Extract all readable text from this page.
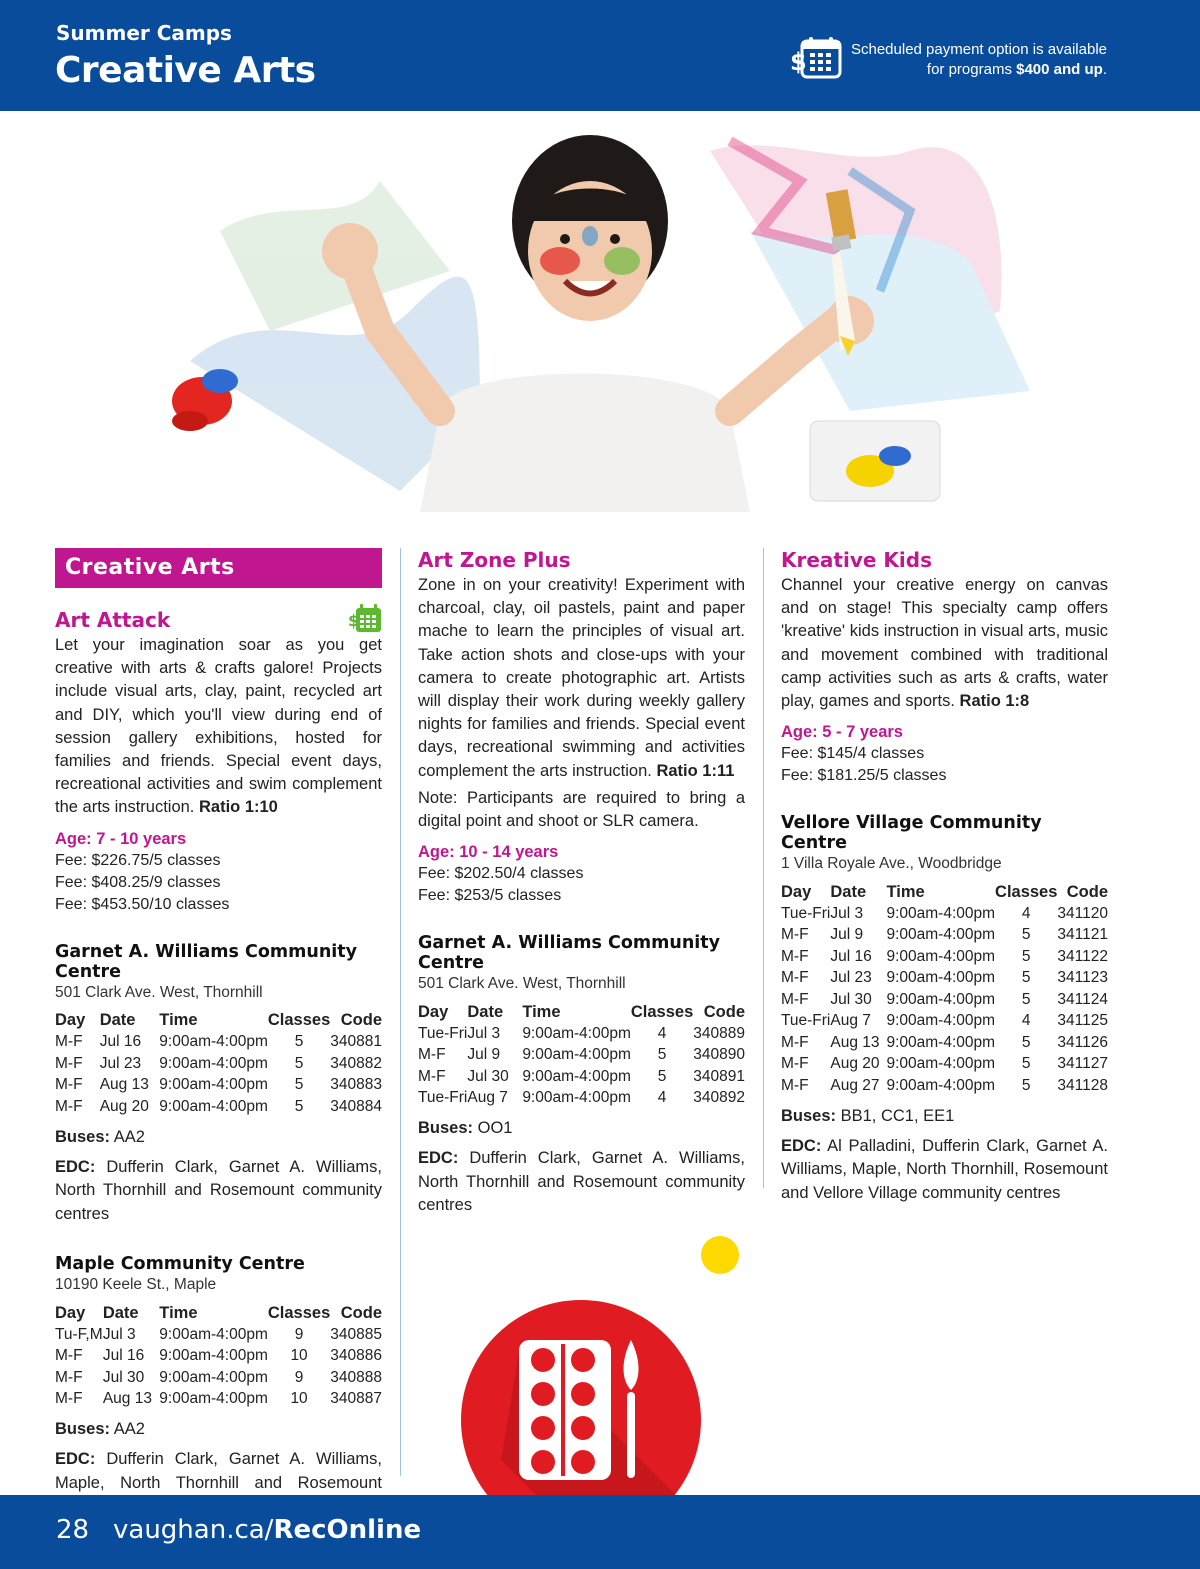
Summer Camps
Creative Arts	$	Scheduled payment option is available
for programs $400 and up.
Creative Arts
Art Attack	$
Let your imagination soar as you get creative with arts & crafts galore! Projects include visual arts, clay, paint, recycled art and DIY, which you'll view during end of session gallery exhibitions, hosted for families and friends. Special event days, recreational activities and swim complement the arts instruction. Ratio 1:10
Age: 7 - 10 years
Fee: $226.75/5 classes
Fee: $408.25/9 classes
Fee: $453.50/10 classes
Garnet A. Williams Community Centre
501 Clark Ave. West, Thornhill
Day	Date	Time	Classes	Code
M-F	Jul 16	9:00am-4:00pm	5	340881
M-F	Jul 23	9:00am-4:00pm	5	340882
M-F	Aug 13	9:00am-4:00pm	5	340883
M-F	Aug 20	9:00am-4:00pm	5	340884
Buses: AA2
EDC: Dufferin Clark, Garnet A. Williams, North Thornhill and Rosemount community centres
Maple Community Centre
10190 Keele St., Maple
Day	Date	Time	Classes	Code
Tu-F,M	Jul 3	9:00am-4:00pm	9	340885
M-F	Jul 16	9:00am-4:00pm	10	340886
M-F	Jul 30	9:00am-4:00pm	9	340888
M-F	Aug 13	9:00am-4:00pm	10	340887
Buses: AA2
EDC: Dufferin Clark, Garnet A. Williams, Maple, North Thornhill and Rosemount
Art Zone Plus
Zone in on your creativity! Experiment with charcoal, clay, oil pastels, paint and paper mache to learn the principles of visual art. Take action shots and close-ups with your camera to create photographic art. Artists will display their work during weekly gallery nights for families and friends. Special event days, recreational swimming and activities complement the arts instruction. Ratio 1:11
Note: Participants are required to bring a digital point and shoot or SLR camera.
Age: 10 - 14 years
Fee: $202.50/4 classes
Fee: $253/5 classes
Garnet A. Williams Community Centre
501 Clark Ave. West, Thornhill
Day	Date	Time	Classes	Code
Tue-Fri	Jul 3	9:00am-4:00pm	4	340889
M-F	Jul 9	9:00am-4:00pm	5	340890
M-F	Jul 30	9:00am-4:00pm	5	340891
Tue-Fri	Aug 7	9:00am-4:00pm	4	340892
Buses: OO1
EDC: Dufferin Clark, Garnet A. Williams, North Thornhill and Rosemount community centres
Kreative Kids
Channel your creative energy on canvas and on stage! This specialty camp offers 'kreative' kids instruction in visual arts, music and movement combined with traditional camp activities such as arts & crafts, water play, games and sports. Ratio 1:8
Age: 5 - 7 years
Fee: $145/4 classes
Fee: $181.25/5 classes
Vellore Village Community Centre
1 Villa Royale Ave., Woodbridge
Day	Date	Time	Classes	Code
Tue-Fri	Jul 3	9:00am-4:00pm	4	341120
M-F	Jul 9	9:00am-4:00pm	5	341121
M-F	Jul 16	9:00am-4:00pm	5	341122
M-F	Jul 23	9:00am-4:00pm	5	341123
M-F	Jul 30	9:00am-4:00pm	5	341124
Tue-Fri	Aug 7	9:00am-4:00pm	4	341125
M-F	Aug 13	9:00am-4:00pm	5	341126
M-F	Aug 20	9:00am-4:00pm	5	341127
M-F	Aug 27	9:00am-4:00pm	5	341128
Buses: BB1, CC1, EE1
EDC: Al Palladini, Dufferin Clark, Garnet A. Williams, Maple, North Thornhill, Rosemount and Vellore Village community centres
28 vaughan.ca/RecOnline
